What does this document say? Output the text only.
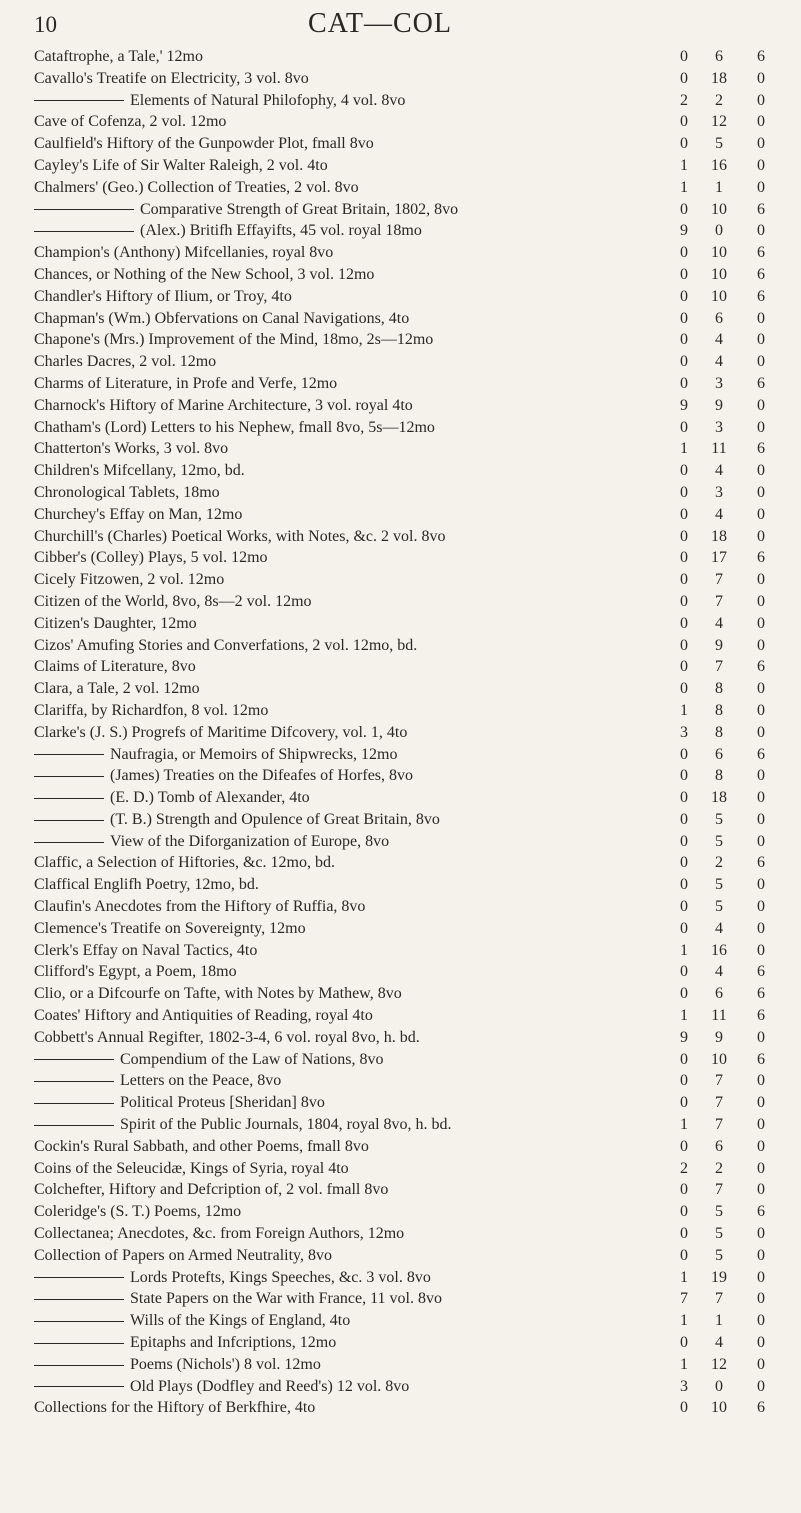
10	CAT—COL
Cataftrophe, a Tale,' 12mo	0	6	6
Cavallo's Treatife on Electricity, 3 vol. 8vo	0	18	0
Elements of Natural Philofophy, 4 vol. 8vo	2	2	0
Cave of Cofenza, 2 vol. 12mo	0	12	0
Caulfield's Hiftory of the Gunpowder Plot, fmall 8vo	0	5	0
Cayley's Life of Sir Walter Raleigh, 2 vol. 4to	1	16	0
Chalmers' (Geo.) Collection of Treaties, 2 vol. 8vo	1	1	0
Comparative Strength of Great Britain, 1802, 8vo	0	10	6
(Alex.) Britifh Effayifts, 45 vol. royal 18mo	9	0	0
Champion's (Anthony) Mifcellanies, royal 8vo	0	10	6
Chances, or Nothing of the New School, 3 vol. 12mo	0	10	6
Chandler's Hiftory of Ilium, or Troy, 4to	0	10	6
Chapman's (Wm.) Obfervations on Canal Navigations, 4to	0	6	0
Chapone's (Mrs.) Improvement of the Mind, 18mo, 2s—12mo	0	4	0
Charles Dacres, 2 vol. 12mo	0	4	0
Charms of Literature, in Profe and Verfe, 12mo	0	3	6
Charnock's Hiftory of Marine Architecture, 3 vol. royal 4to	9	9	0
Chatham's (Lord) Letters to his Nephew, fmall 8vo, 5s—12mo	0	3	0
Chatterton's Works, 3 vol. 8vo	1	11	6
Children's Mifcellany, 12mo, bd.	0	4	0
Chronological Tablets, 18mo	0	3	0
Churchey's Effay on Man, 12mo	0	4	0
Churchill's (Charles) Poetical Works, with Notes, &c. 2 vol. 8vo	0	18	0
Cibber's (Colley) Plays, 5 vol. 12mo	0	17	6
Cicely Fitzowen, 2 vol. 12mo	0	7	0
Citizen of the World, 8vo, 8s—2 vol. 12mo	0	7	0
Citizen's Daughter, 12mo	0	4	0
Cizos' Amufing Stories and Converfations, 2 vol. 12mo, bd.	0	9	0
Claims of Literature, 8vo	0	7	6
Clara, a Tale, 2 vol. 12mo	0	8	0
Clariffa, by Richardfon, 8 vol. 12mo	1	8	0
Clarke's (J. S.) Progrefs of Maritime Difcovery, vol. 1, 4to	3	8	0
Naufragia, or Memoirs of Shipwrecks, 12mo	0	6	6
(James) Treaties on the Difeafes of Horfes, 8vo	0	8	0
(E. D.) Tomb of Alexander, 4to	0	18	0
(T. B.) Strength and Opulence of Great Britain, 8vo	0	5	0
View of the Diforganization of Europe, 8vo	0	5	0
Claffic, a Selection of Hiftories, &c. 12mo, bd.	0	2	6
Claffical Englifh Poetry, 12mo, bd.	0	5	0
Claufin's Anecdotes from the Hiftory of Ruffia, 8vo	0	5	0
Clemence's Treatife on Sovereignty, 12mo	0	4	0
Clerk's Effay on Naval Tactics, 4to	1	16	0
Clifford's Egypt, a Poem, 18mo	0	4	6
Clio, or a Difcourfe on Tafte, with Notes by Mathew, 8vo	0	6	6
Coates' Hiftory and Antiquities of Reading, royal 4to	1	11	6
Cobbett's Annual Regifter, 1802-3-4, 6 vol. royal 8vo, h. bd.	9	9	0
Compendium of the Law of Nations, 8vo	0	10	6
Letters on the Peace, 8vo	0	7	0
Political Proteus [Sheridan] 8vo	0	7	0
Spirit of the Public Journals, 1804, royal 8vo, h. bd.	1	7	0
Cockin's Rural Sabbath, and other Poems, fmall 8vo	0	6	0
Coins of the Seleucidæ, Kings of Syria, royal 4to	2	2	0
Colchefter, Hiftory and Defcription of, 2 vol. fmall 8vo	0	7	0
Coleridge's (S. T.) Poems, 12mo	0	5	6
Collectanea; Anecdotes, &c. from Foreign Authors, 12mo	0	5	0
Collection of Papers on Armed Neutrality, 8vo	0	5	0
Lords Protefts, Kings Speeches, &c. 3 vol. 8vo	1	19	0
State Papers on the War with France, 11 vol. 8vo	7	7	0
Wills of the Kings of England, 4to	1	1	0
Epitaphs and Infcriptions, 12mo	0	4	0
Poems (Nichols') 8 vol. 12mo	1	12	0
Old Plays (Dodfley and Reed's) 12 vol. 8vo	3	0	0
Collections for the Hiftory of Berkfhire, 4to	0	10	6
